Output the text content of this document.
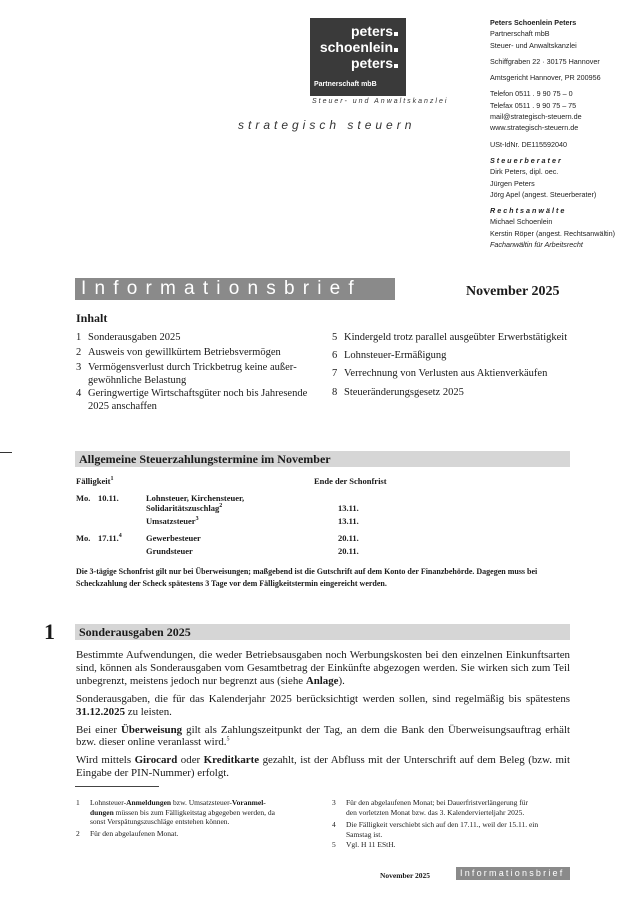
peters
schoenlein
peters
Partnerschaft mbB
Steuer- und Anwaltskanzlei
strategisch steuern
Peters Schoenlein Peters
Partnerschaft mbB
Steuer- und Anwaltskanzlei
Schiffgraben 22 · 30175 Hannover
Amtsgericht Hannover, PR 200956
Telefon 0511 . 9 90 75 – 0
Telefax 0511 . 9 90 75 – 75
mail@strategisch-steuern.de
www.strategisch-steuern.de
USt-IdNr. DE115592040
Steuerberater
Dirk Peters, dipl. oec.
Jürgen Peters
Jörg Apel (angest. Steuerberater)
Rechtsanwälte
Michael Schoenlein
Kerstin Röper (angest. Rechtsanwältin)
Fachanwältin für Arbeitsrecht
Informationsbrief	November 2025
Inhalt
1 Sonderausgaben 2025
2 Ausweis von gewillkürtem Betriebsvermögen
3 Vermögensverlust durch Trickbetrug keine außergewöhnliche Belastung
4 Geringwertige Wirtschaftsgüter noch bis Jahresende 2025 anschaffen
5 Kindergeld trotz parallel ausgeübter Erwerbstätigkeit
6 Lohnsteuer-Ermäßigung
7 Verrechnung von Verlusten aus Aktienverkäufen
8 Steueränderungsgesetz 2025
Allgemeine Steuerzahlungstermine im November
Fälligkeit$^1$	Ende der Schonfrist
Mo. 10.11.	Lohnsteuer, Kirchensteuer,
Solidaritätszuschlag$^2$	13.11.
Umsatzsteuer$^3$	13.11.
Mo. 17.11.$^4$	Gewerbesteuer	20.11.
Grundsteuer	20.11.
Die 3-tägige Schonfrist gilt nur bei Überweisungen; maßgebend ist die Gutschrift auf dem Konto der Finanzbehörde. Dagegen muss bei Scheckzahlung der Scheck spätestens 3 Tage vor dem Fälligkeitstermin eingereicht werden.
1	Sonderausgaben 2025

Bestimmte Aufwendungen, die weder Betriebsausgaben noch Werbungskosten bei den einzelnen Einkunftsarten sind, können als Sonderausgaben vom Gesamtbetrag der Einkünfte abgezogen werden. Sie wirken sich zum Teil unbegrenzt, meistens jedoch nur begrenzt aus (siehe Anlage).

Sonderausgaben, die für das Kalenderjahr 2025 berücksichtigt werden sollen, sind regelmäßig bis spätestens 31.12.2025 zu leisten.

Bei einer Überweisung gilt als Zahlungszeitpunkt der Tag, an dem die Bank den Überweisungsauftrag erhält bzw. dieser online veranlasst wird.$^5$

Wird mittels Girocard oder Kreditkarte gezahlt, ist der Abfluss mit der Unterschrift auf dem Beleg (bzw. mit Eingabe der PIN-Nummer) erfolgt.

1 Lohnsteuer-Anmeldungen bzw. Umsatzsteuer-Voranmel-
dungen müssen bis zum Fälligkeitstag abgegeben werden, da
sonst Verspätungszuschläge entstehen können.
2 Für den abgelaufenen Monat.
3 Für den abgelaufenen Monat; bei Dauerfristverlängerung für
den vorletzten Monat bzw. das 3. Kalendervierteljahr 2025.
4 Die Fälligkeit verschiebt sich auf den 17.11., weil der 15.11. ein
Samstag ist.
5 Vgl. H 11 EStH.
November 2025	Informationsbrief
